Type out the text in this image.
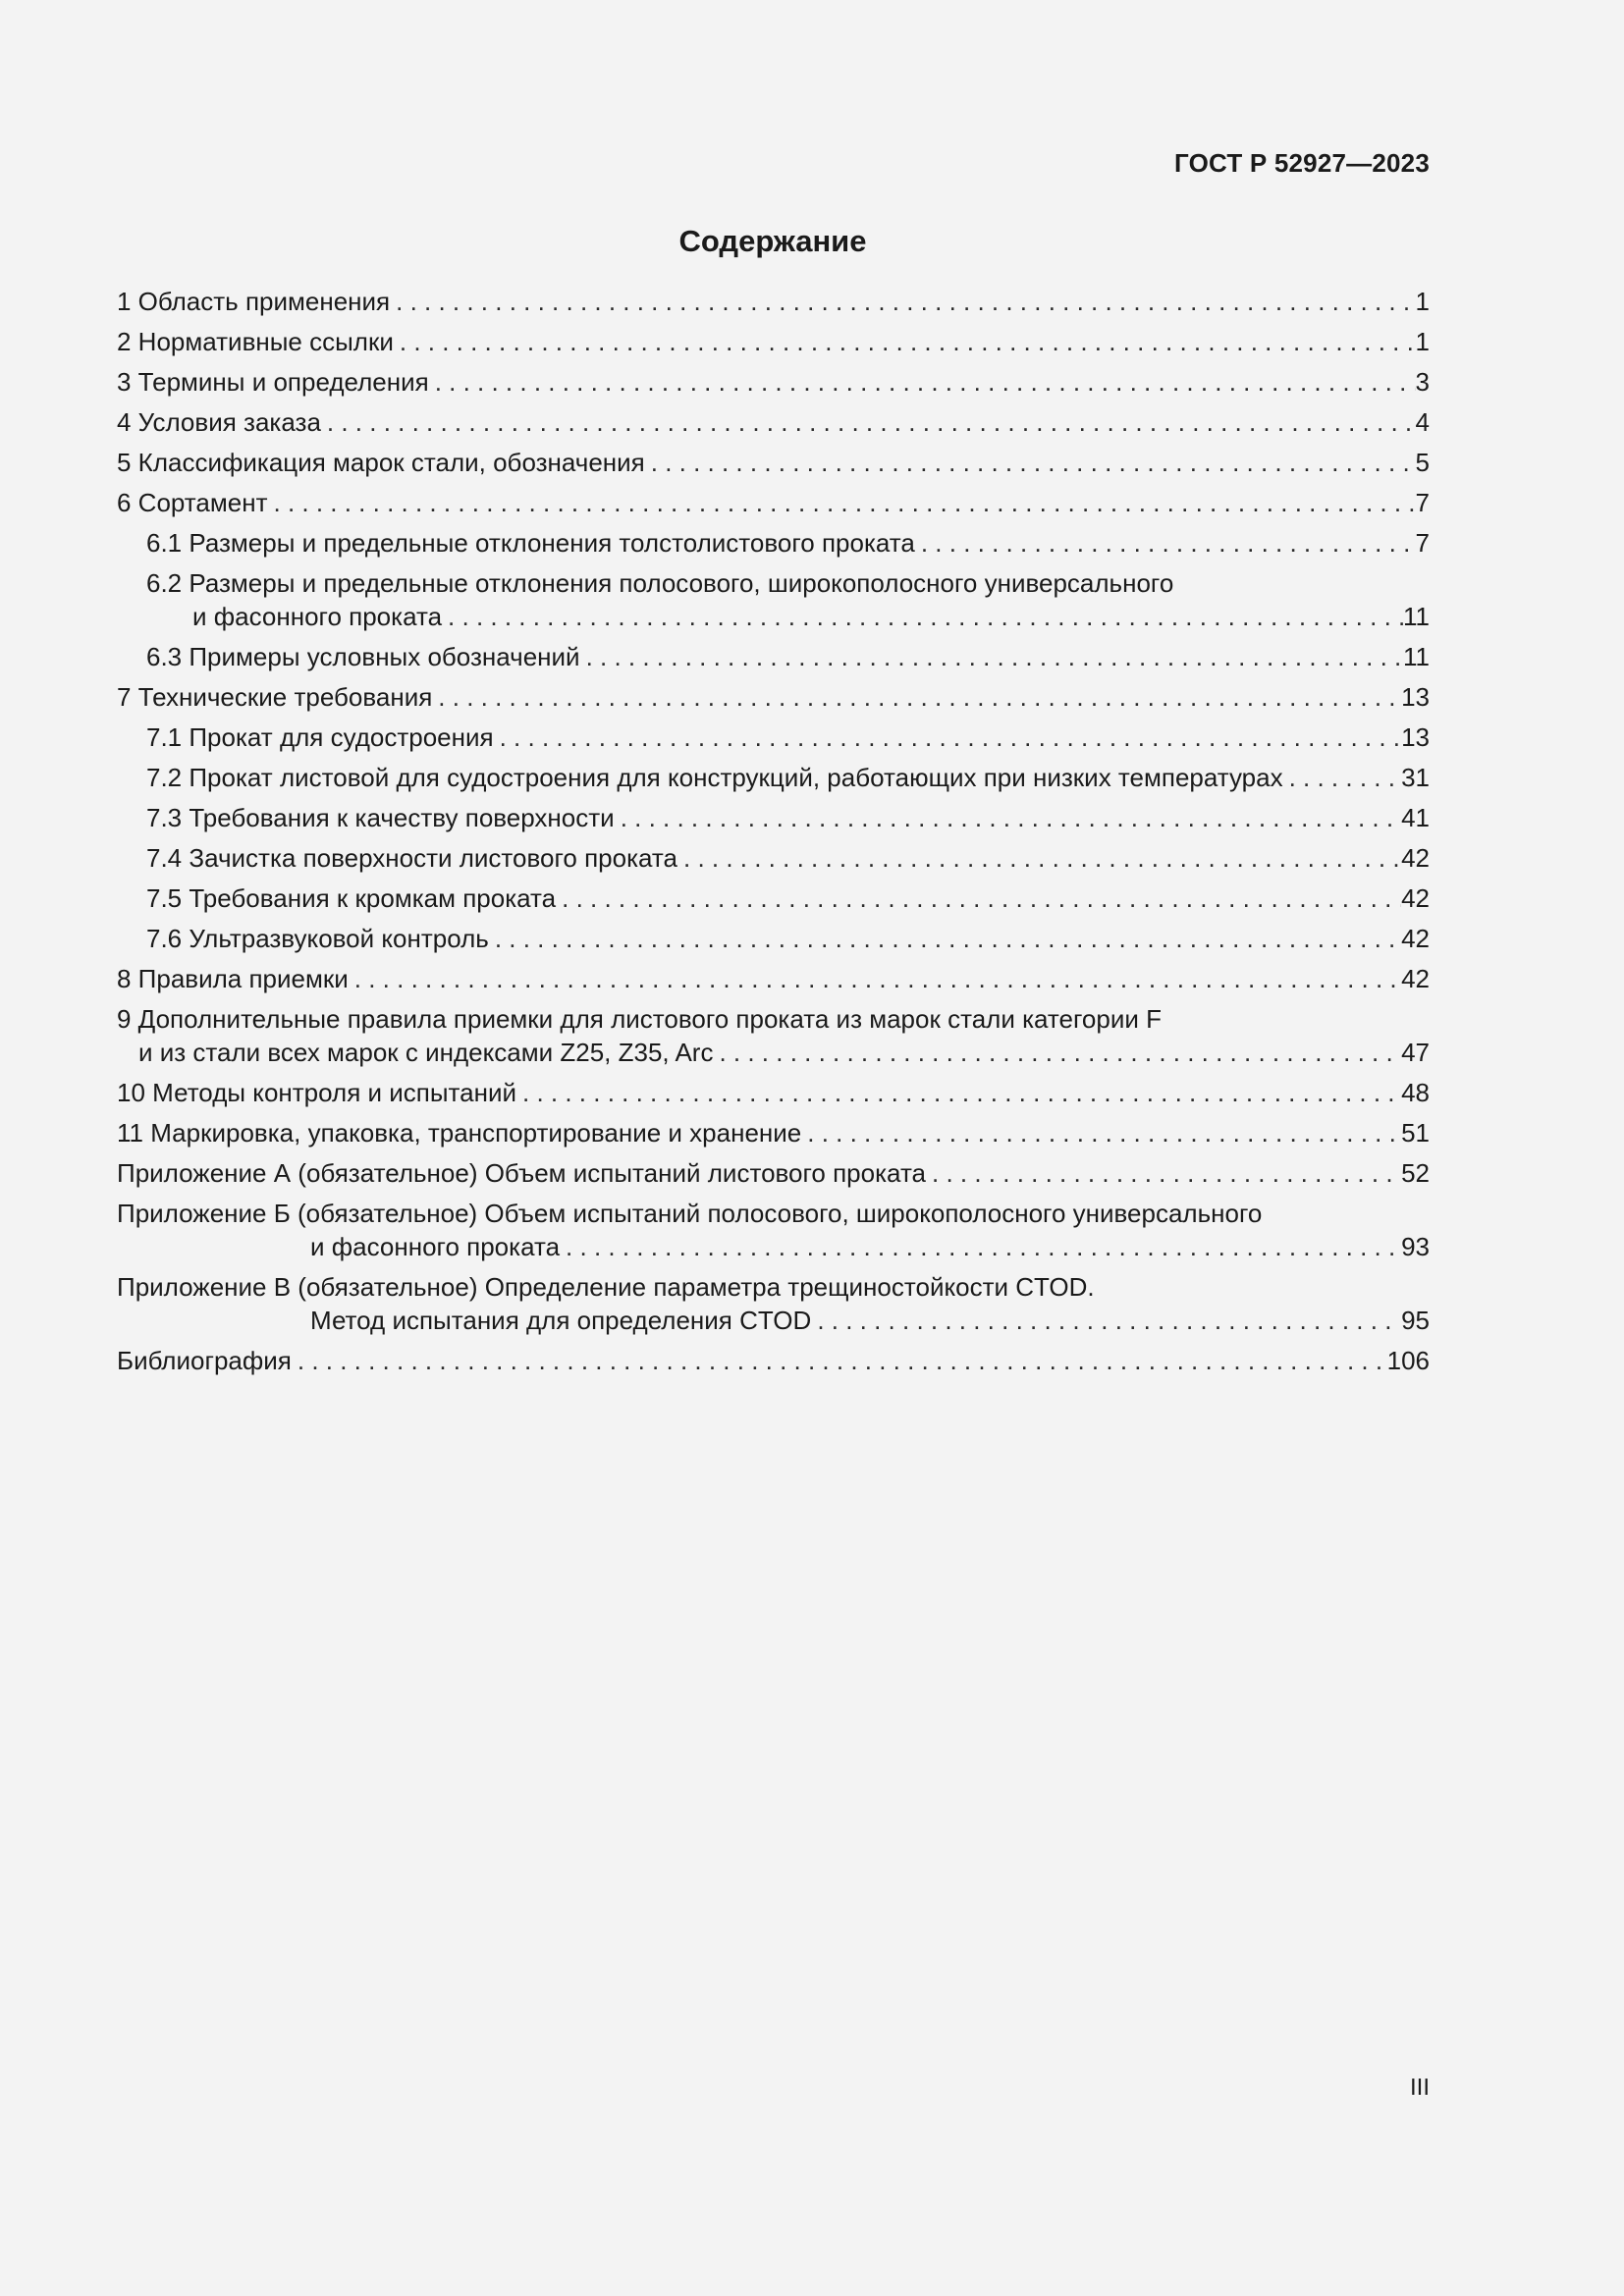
ГОСТ Р 52927—2023
Содержание
1 Область применения . . .	1
2 Нормативные ссылки . . .	1
3 Термины и определения . . .	3
4 Условия заказа . . .	4
5 Классификация марок стали, обозначения . . .	5
6 Сортамент . . .	7
6.1 Размеры и предельные отклонения толстолистового проката . . .	7
6.2 Размеры и предельные отклонения полосового, широкополосного универсального
и фасонного проката . . .	11
6.3 Примеры условных обозначений . . .	11
7 Технические требования . . .	13
7.1 Прокат для судостроения . . .	13
7.2 Прокат листовой для судостроения для конструкций, работающих при низких температурах . . .	31
7.3 Требования к качеству поверхности . . .	41
7.4 Зачистка поверхности листового проката . . .	42
7.5 Требования к кромкам проката . . .	42
7.6 Ультразвуковой контроль . . .	42
8 Правила приемки . . .	42
9 Дополнительные правила приемки для листового проката из марок стали категории F
и из стали всех марок с индексами Z25, Z35, Arc . . .	47
10 Методы контроля и испытаний . . .	48
11 Маркировка, упаковка, транспортирование и хранение . . .	51
Приложение А (обязательное) Объем испытаний листового проката . . .	52
Приложение Б (обязательное) Объем испытаний полосового, широкополосного универсального
и фасонного проката . . .	93
Приложение В (обязательное) Определение параметра трещиностойкости CTOD.
Метод испытания для определения CTOD . . .	95
Библиография . . .	106
III
